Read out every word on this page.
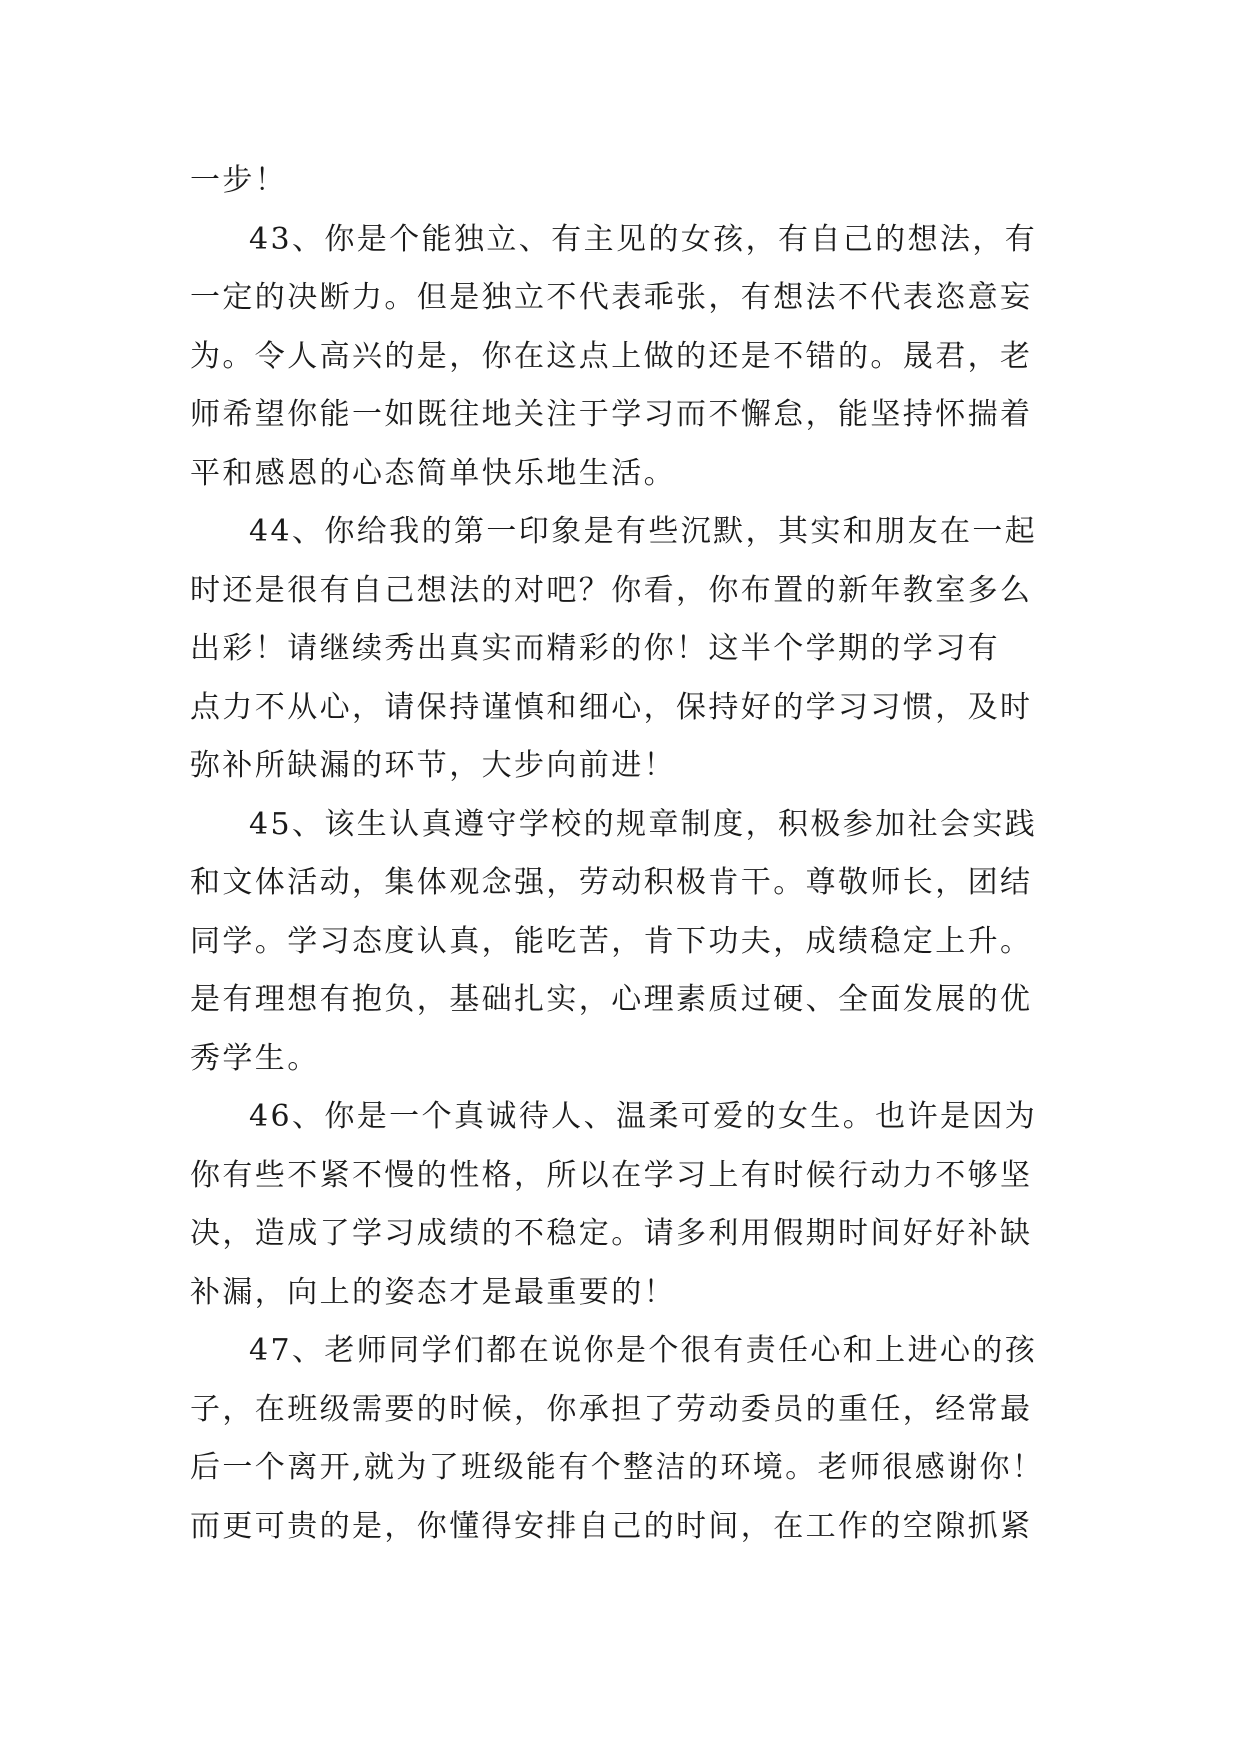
一步！
43、你是个能独立、有主见的女孩，有自己的想法，有
一定的决断力。但是独立不代表乖张，有想法不代表恣意妄
为。令人高兴的是，你在这点上做的还是不错的。晟君，老
师希望你能一如既往地关注于学习而不懈怠，能坚持怀揣着
平和感恩的心态简单快乐地生活。
44、你给我的第一印象是有些沉默，其实和朋友在一起
时还是很有自己想法的对吧？你看，你布置的新年教室多么
出彩！请继续秀出真实而精彩的你！这半个学期的学习有
点力不从心，请保持谨慎和细心，保持好的学习习惯，及时
弥补所缺漏的环节，大步向前进！
45、该生认真遵守学校的规章制度，积极参加社会实践
和文体活动，集体观念强，劳动积极肯干。尊敬师长，团结
同学。学习态度认真，能吃苦，肯下功夫，成绩稳定上升。
是有理想有抱负，基础扎实，心理素质过硬、全面发展的优
秀学生。
46、你是一个真诚待人、温柔可爱的女生。也许是因为
你有些不紧不慢的性格，所以在学习上有时候行动力不够坚
决，造成了学习成绩的不稳定。请多利用假期时间好好补缺
补漏，向上的姿态才是最重要的！
47、老师同学们都在说你是个很有责任心和上进心的孩
子，在班级需要的时候，你承担了劳动委员的重任，经常最
后一个离开,就为了班级能有个整洁的环境。老师很感谢你！
而更可贵的是，你懂得安排自己的时间，在工作的空隙抓紧
